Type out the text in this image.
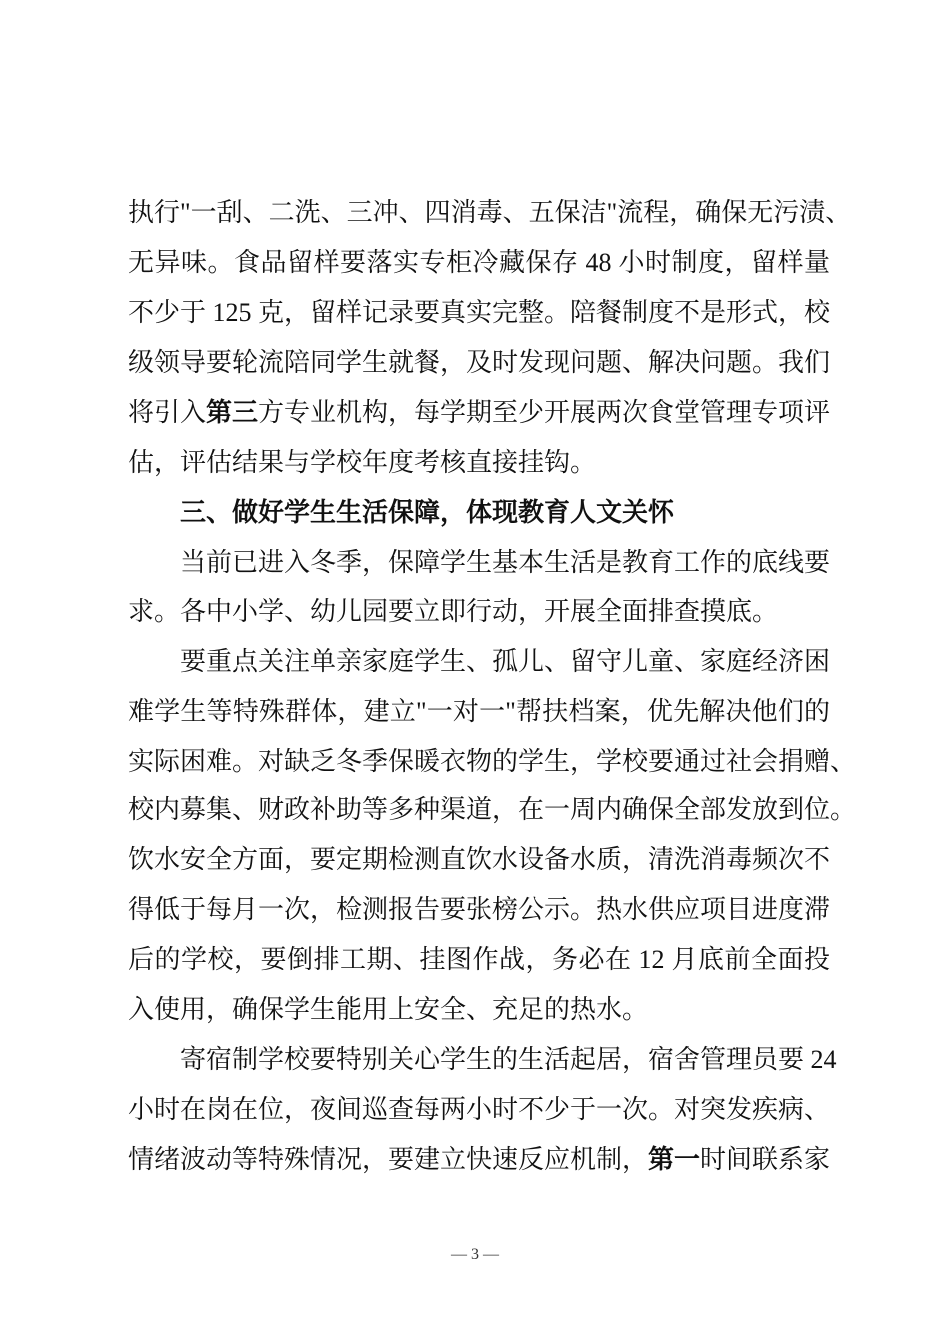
执行"一刮、二洗、三冲、四消毒、五保洁"流程，确保无污渍、
无异味。食品留样要落实专柜冷藏保存 48 小时制度，留样量
不少于 125 克，留样记录要真实完整。陪餐制度不是形式，校
级领导要轮流陪同学生就餐，及时发现问题、解决问题。我们
将引入第三方专业机构，每学期至少开展两次食堂管理专项评
估，评估结果与学校年度考核直接挂钩。
三、做好学生生活保障，体现教育人文关怀
当前已进入冬季，保障学生基本生活是教育工作的底线要
求。各中小学、幼儿园要立即行动，开展全面排查摸底。
要重点关注单亲家庭学生、孤儿、留守儿童、家庭经济困
难学生等特殊群体，建立"一对一"帮扶档案，优先解决他们的
实际困难。对缺乏冬季保暖衣物的学生，学校要通过社会捐赠、
校内募集、财政补助等多种渠道，在一周内确保全部发放到位。
饮水安全方面，要定期检测直饮水设备水质，清洗消毒频次不
得低于每月一次，检测报告要张榜公示。热水供应项目进度滞
后的学校，要倒排工期、挂图作战，务必在 12 月底前全面投
入使用，确保学生能用上安全、充足的热水。
寄宿制学校要特别关心学生的生活起居，宿舍管理员要 24
小时在岗在位，夜间巡查每两小时不少于一次。对突发疾病、
情绪波动等特殊情况，要建立快速反应机制，第一时间联系家
— 3 —
